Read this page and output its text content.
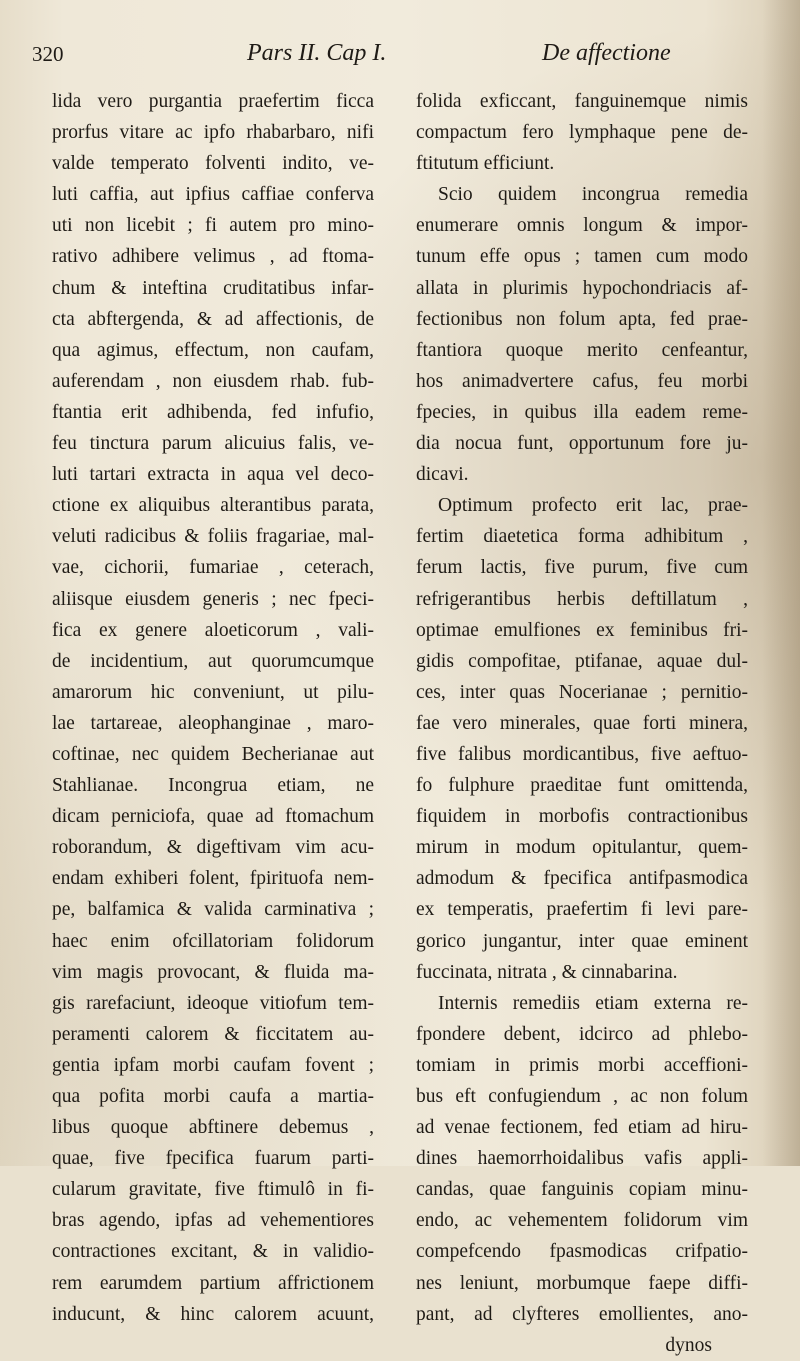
320	Pars II. Cap I.	De affectione
lida vero purgantia praefertim ficca
prorfus vitare ac ipfo rhabarbaro, nifi
valde temperato folventi indito, ve-
luti caffia, aut ipfius caffiae conferva
uti non licebit ; fi autem pro mino-
rativo adhibere velimus , ad ftoma-
chum & inteftina cruditatibus infar-
cta abftergenda, & ad affectionis, de
qua agimus, effectum, non caufam,
auferendam , non eiusdem rhab. fub-
ftantia erit adhibenda, fed infufio,
feu tinctura parum alicuius falis, ve-
luti tartari extracta in aqua vel deco-
ctione ex aliquibus alterantibus parata,
veluti radicibus & foliis fragariae, mal-
vae, cichorii, fumariae , ceterach,
aliisque eiusdem generis ; nec fpeci-
fica ex genere aloeticorum , vali-
de incidentium, aut quorumcumque
amarorum hic conveniunt, ut pilu-
lae tartareae, aleophanginae , maro-
coftinae, nec quidem Becherianae aut
Stahlianae. Incongrua etiam, ne
dicam perniciofa, quae ad ftomachum
roborandum, & digeftivam vim acu-
endam exhiberi folent, fpirituofa nem-
pe, balfamica & valida carminativa ;
haec enim ofcillatoriam folidorum
vim magis provocant, & fluida ma-
gis rarefaciunt, ideoque vitiofum tem-
peramenti calorem & ficcitatem au-
gentia ipfam morbi caufam fovent ;
qua pofita morbi caufa a martia-
libus quoque abftinere debemus ,
quae, five fpecifica fuarum parti-
cularum gravitate, five ftimulô in fi-
bras agendo, ipfas ad vehementiores
contractiones excitant, & in validio-
rem earumdem partium affrictionem
inducunt, & hinc calorem acuunt,
folida exficcant, fanguinemque nimis
compactum fero lymphaque pene de-
ftitutum efficiunt.
Scio quidem incongrua remedia
enumerare omnis longum & impor-
tunum effe opus ; tamen cum modo
allata in plurimis hypochondriacis af-
fectionibus non folum apta, fed prae-
ftantiora quoque merito cenfeantur,
hos animadvertere cafus, feu morbi
fpecies, in quibus illa eadem reme-
dia nocua funt, opportunum fore ju-
dicavi.
Optimum profecto erit lac, prae-
fertim diaetetica forma adhibitum ,
ferum lactis, five purum, five cum
refrigerantibus herbis deftillatum ,
optimae emulfiones ex feminibus fri-
gidis compofitae, ptifanae, aquae dul-
ces, inter quas Nocerianae ; pernitio-
fae vero minerales, quae forti minera,
five falibus mordicantibus, five aeftuo-
fo fulphure praeditae funt omittenda,
fiquidem in morbofis contractionibus
mirum in modum opitulantur, quem-
admodum & fpecifica antifpasmodica
ex temperatis, praefertim fi levi pare-
gorico jungantur, inter quae eminent
fuccinata, nitrata , & cinnabarina.
Internis remediis etiam externa re-
fpondere debent, idcirco ad phlebo-
tomiam in primis morbi acceffioni-
bus eft confugiendum , ac non folum
ad venae fectionem, fed etiam ad hiru-
dines haemorrhoidalibus vafis appli-
candas, quae fanguinis copiam minu-
endo, ac vehementem folidorum vim
compefcendo fpasmodicas crifpatio-
nes leniunt, morbumque faepe diffi-
pant, ad clyfteres emollientes, ano-
dynos
